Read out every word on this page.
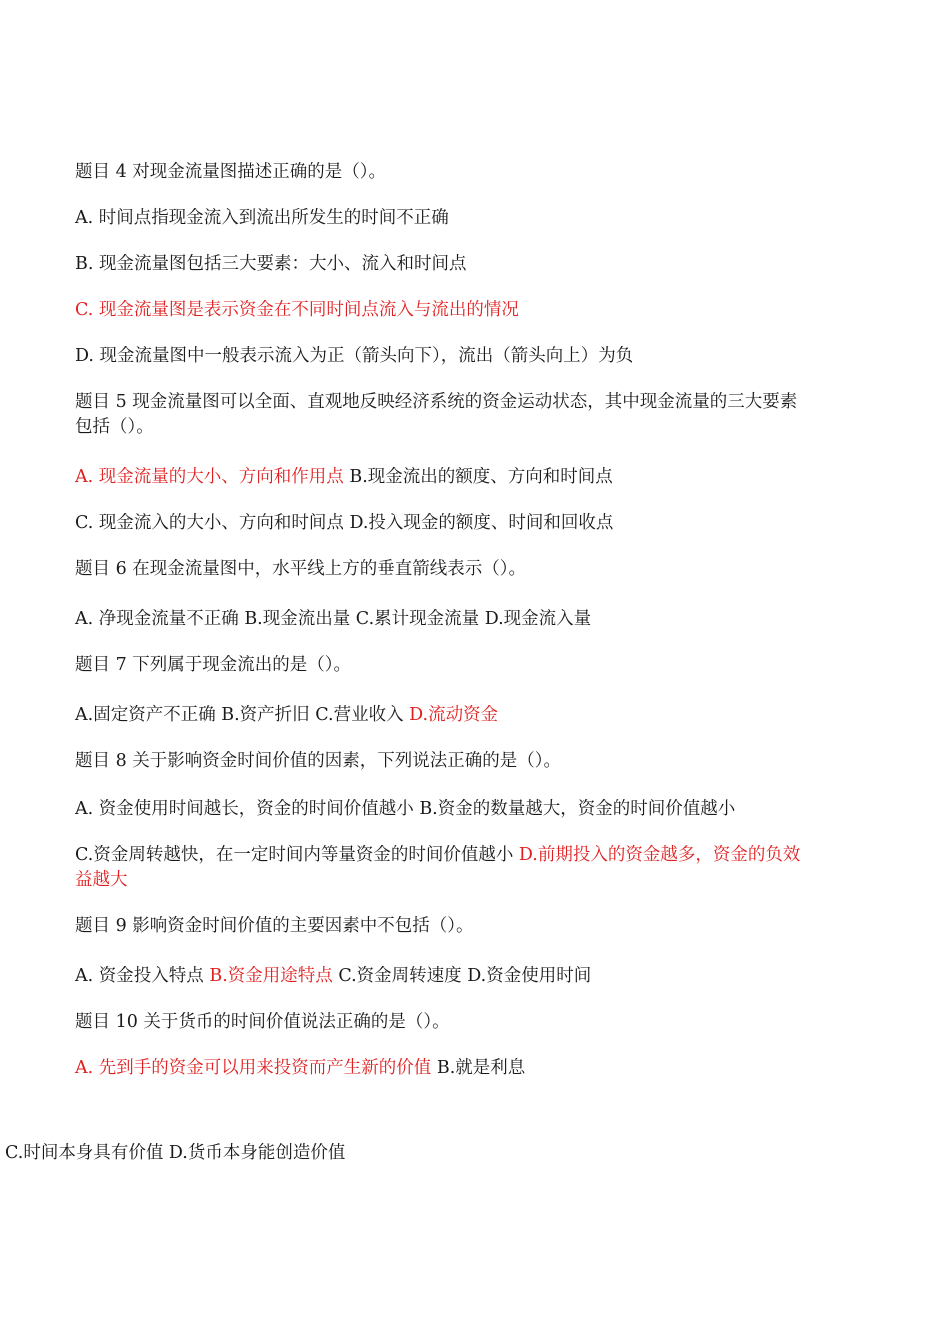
题目 4 对现金流量图描述正确的是（）。
A. 时间点指现金流入到流出所发生的时间不正确
B. 现金流量图包括三大要素：大小、流入和时间点
C. 现金流量图是表示资金在不同时间点流入与流出的情况
D. 现金流量图中一般表示流入为正（箭头向下），流出（箭头向上）为负
题目 5 现金流量图可以全面、直观地反映经济系统的资金运动状态，其中现金流量的三大要素包括（）。
A. 现金流量的大小、方向和作用点 B.现金流出的额度、方向和时间点
C. 现金流入的大小、方向和时间点 D.投入现金的额度、时间和回收点
题目 6 在现金流量图中，水平线上方的垂直箭线表示（）。
A. 净现金流量不正确 B.现金流出量 C.累计现金流量 D.现金流入量
题目 7 下列属于现金流出的是（）。
A.固定资产不正确 B.资产折旧 C.营业收入 D.流动资金
题目 8 关于影响资金时间价值的因素，下列说法正确的是（）。
A. 资金使用时间越长，资金的时间价值越小 B.资金的数量越大，资金的时间价值越小
C.资金周转越快，在一定时间内等量资金的时间价值越小 D.前期投入的资金越多，资金的负效益越大
题目 9 影响资金时间价值的主要因素中不包括（）。
A. 资金投入特点 B.资金用途特点 C.资金周转速度 D.资金使用时间
题目 10 关于货币的时间价值说法正确的是（）。
A. 先到手的资金可以用来投资而产生新的价值 B.就是利息
C.时间本身具有价值 D.货币本身能创造价值
